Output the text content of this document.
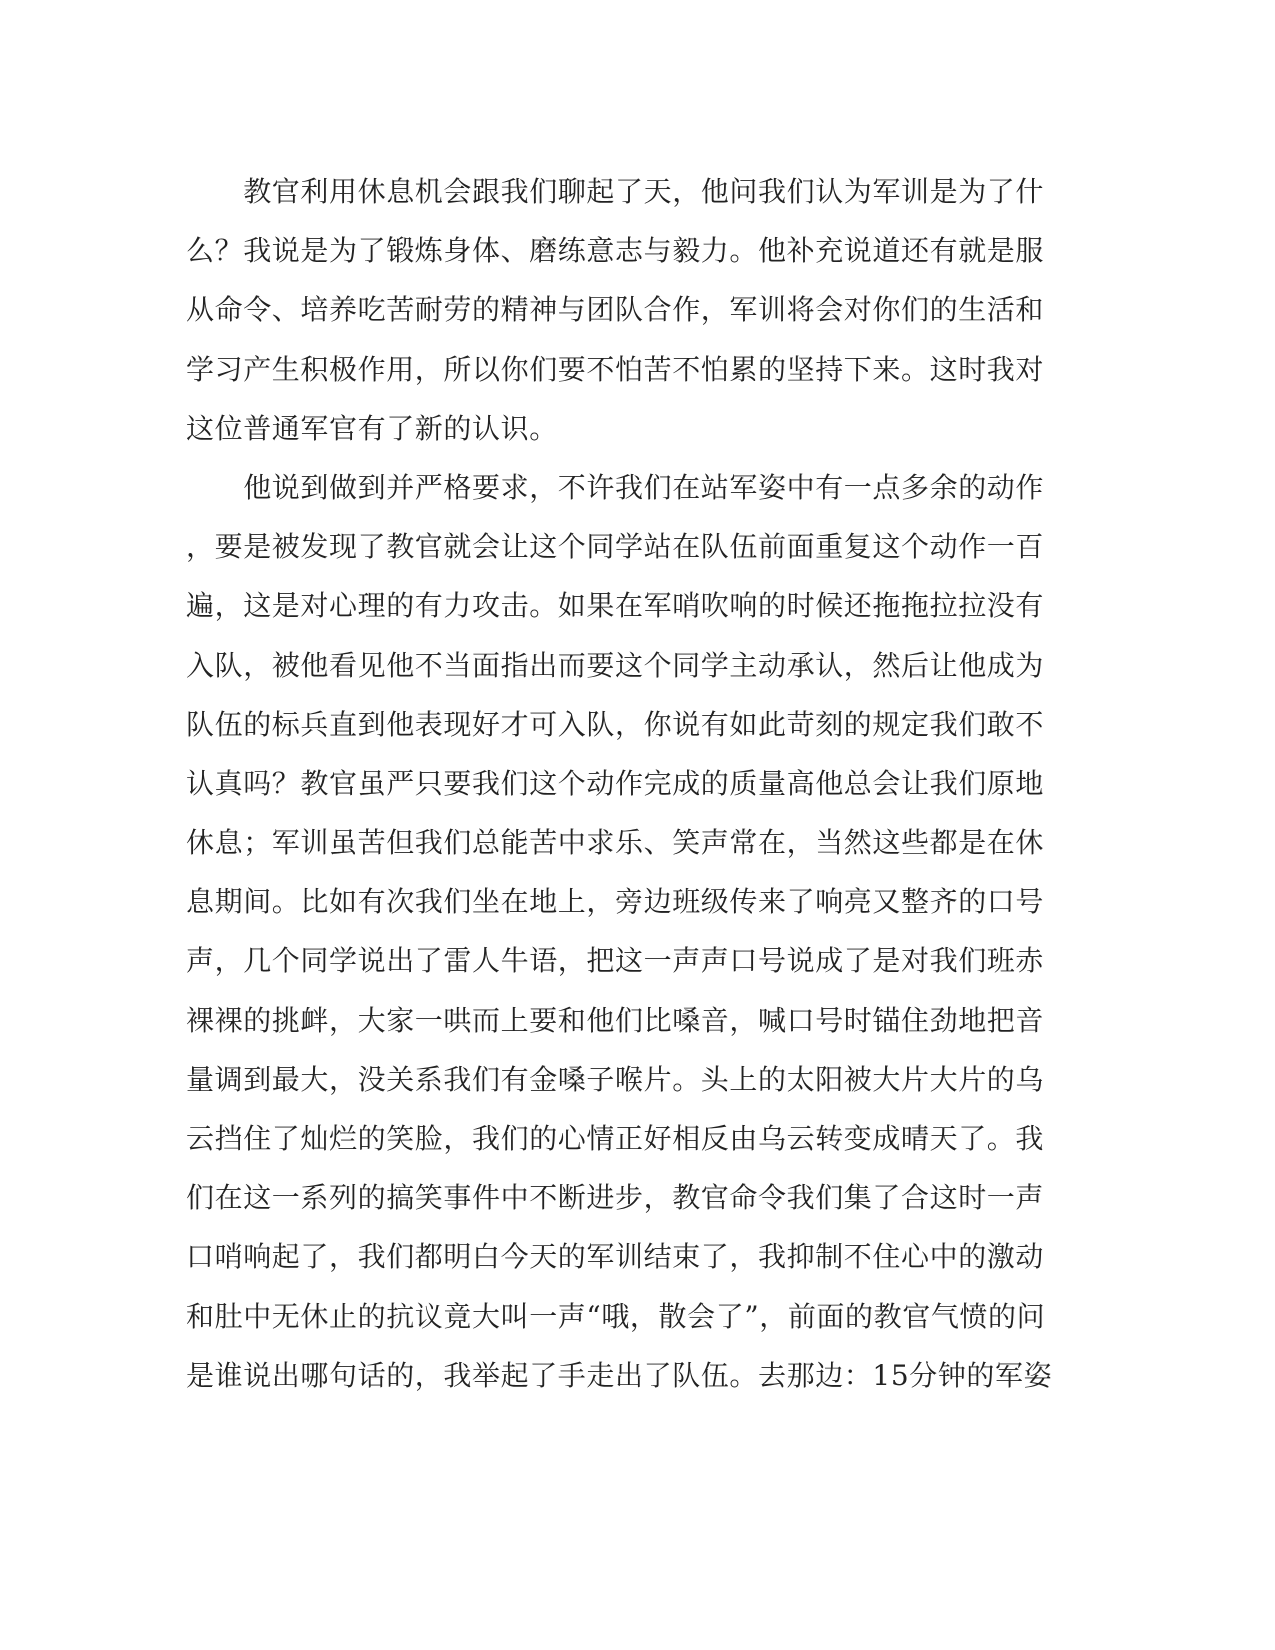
　　教官利用休息机会跟我们聊起了天，他问我们认为军训是为了什
么？我说是为了锻炼身体、磨练意志与毅力。他补充说道还有就是服
从命令、培养吃苦耐劳的精神与团队合作，军训将会对你们的生活和
学习产生积极作用，所以你们要不怕苦不怕累的坚持下来。这时我对
这位普通军官有了新的认识。
　　他说到做到并严格要求，不许我们在站军姿中有一点多余的动作
，要是被发现了教官就会让这个同学站在队伍前面重复这个动作一百
遍，这是对心理的有力攻击。如果在军哨吹响的时候还拖拖拉拉没有
入队，被他看见他不当面指出而要这个同学主动承认，然后让他成为
队伍的标兵直到他表现好才可入队，你说有如此苛刻的规定我们敢不
认真吗？教官虽严只要我们这个动作完成的质量高他总会让我们原地
休息；军训虽苦但我们总能苦中求乐、笑声常在，当然这些都是在休
息期间。比如有次我们坐在地上，旁边班级传来了响亮又整齐的口号
声，几个同学说出了雷人牛语，把这一声声口号说成了是对我们班赤
裸裸的挑衅，大家一哄而上要和他们比嗓音，喊口号时锚住劲地把音
量调到最大，没关系我们有金嗓子喉片。头上的太阳被大片大片的乌
云挡住了灿烂的笑脸，我们的心情正好相反由乌云转变成晴天了。我
们在这一系列的搞笑事件中不断进步，教官命令我们集了合这时一声
口哨响起了，我们都明白今天的军训结束了，我抑制不住心中的激动
和肚中无休止的抗议竟大叫一声“哦，散会了”，前面的教官气愤的问
是谁说出哪句话的，我举起了手走出了队伍。去那边：15分钟的军姿
